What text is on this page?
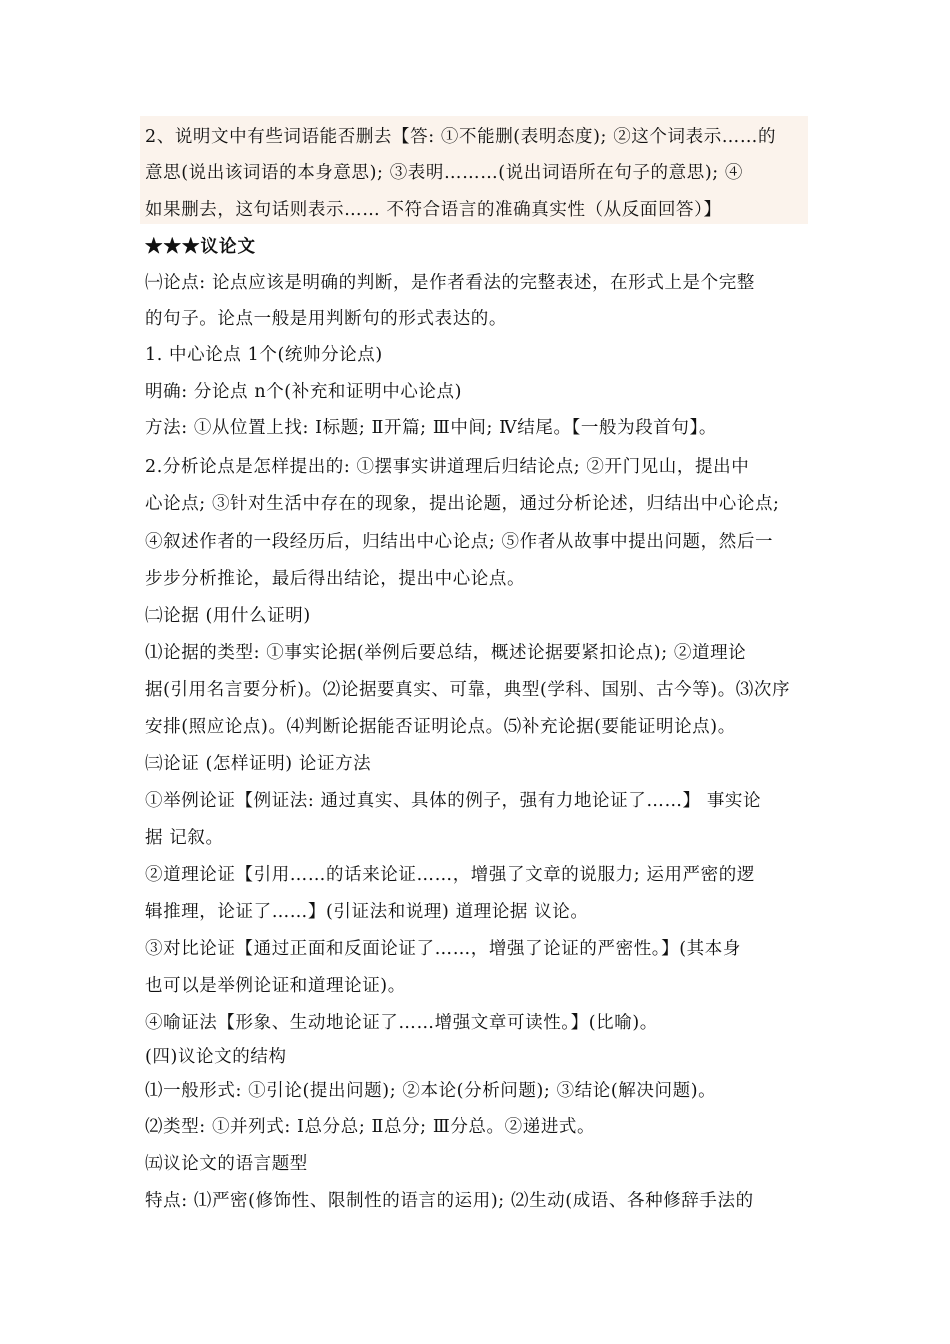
2、说明文中有些词语能否删去【答: ①不能删(表明态度); ②这个词表示……的
意思(说出该词语的本身意思); ③表明………(说出词语所在句子的意思); ④
如果删去，这句话则表示…… 不符合语言的准确真实性（从反面回答）】
★★★议论文
㈠论点: 论点应该是明确的判断，是作者看法的完整表述，在形式上是个完整
的句子。论点一般是用判断句的形式表达的。
1. 中心论点 1个(统帅分论点)
明确: 分论点 n个(补充和证明中心论点)
方法: ①从位置上找: Ⅰ标题; Ⅱ开篇; Ⅲ中间; Ⅳ结尾。【一般为段首句】。
2.分析论点是怎样提出的: ①摆事实讲道理后归结论点; ②开门见山，提出中
心论点; ③针对生活中存在的现象，提出论题，通过分析论述，归结出中心论点;
④叙述作者的一段经历后，归结出中心论点; ⑤作者从故事中提出问题，然后一
步步分析推论，最后得出结论，提出中心论点。
㈡论据 (用什么证明)
⑴论据的类型: ①事实论据(举例后要总结，概述论据要紧扣论点); ②道理论
据(引用名言要分析)。⑵论据要真实、可靠，典型(学科、国别、古今等)。⑶次序
安排(照应论点)。⑷判断论据能否证明论点。⑸补充论据(要能证明论点)。
㈢论证 (怎样证明) 论证方法
①举例论证【例证法: 通过真实、具体的例子，强有力地论证了……】 事实论
据 记叙。
②道理论证【引用……的话来论证……，增强了文章的说服力; 运用严密的逻
辑推理，论证了……】(引证法和说理) 道理论据 议论。
③对比论证【通过正面和反面论证了……，增强了论证的严密性。】(其本身
也可以是举例论证和道理论证)。
④喻证法【形象、生动地论证了……增强文章可读性。】(比喻)。
(四)议论文的结构
⑴一般形式: ①引论(提出问题); ②本论(分析问题); ③结论(解决问题)。
⑵类型: ①并列式: Ⅰ总分总; Ⅱ总分; Ⅲ分总。②递进式。
㈤议论文的语言题型
特点: ⑴严密(修饰性、限制性的语言的运用); ⑵生动(成语、各种修辞手法的
